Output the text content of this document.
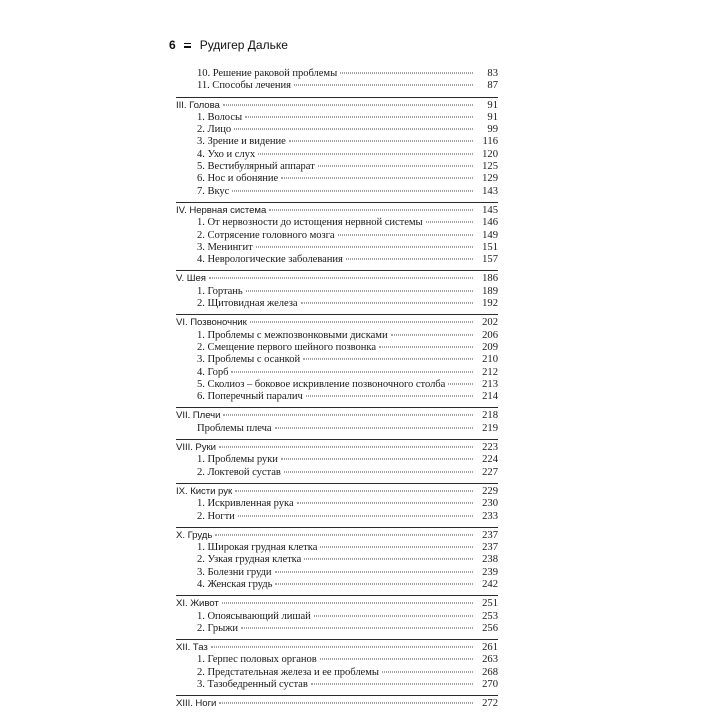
6 Рудигер Дальке
10. Решение раковой проблемы	83
11. Способы лечения	87
III. Голова	91
1. Волосы	91
2. Лицо	99
3. Зрение и видение	116
4. Ухо и слух	120
5. Вестибулярный аппарат	125
6. Нос и обоняние	129
7. Вкус	143
IV. Нервная система	145
1. От нервозности до истощения нервной системы	146
2. Сотрясение головного мозга	149
3. Менингит	151
4. Неврологические заболевания	157
V. Шея	186
1. Гортань	189
2. Щитовидная железа	192
VI. Позвоночник	202
1. Проблемы с межпозвонковыми дисками	206
2. Смещение первого шейного позвонка	209
3. Проблемы с осанкой	210
4. Горб	212
5. Сколиоз – боковое искривление позвоночного столба	213
6. Поперечный паралич	214
VII. Плечи	218
Проблемы плеча	219
VIII. Руки	223
1. Проблемы руки	224
2. Локтевой сустав	227
IX. Кисти рук	229
1. Искривленная рука	230
2. Ногти	233
X. Грудь	237
1. Широкая грудная клетка	237
2. Узкая грудная клетка	238
3. Болезни груди	239
4. Женская грудь	242
XI. Живот	251
1. Опоясывающий лишай	253
2. Грыжи	256
XII. Таз	261
1. Герпес половых органов	263
2. Предстательная железа и ее проблемы	268
3. Тазобедренный сустав	270
XIII. Ноги	272
